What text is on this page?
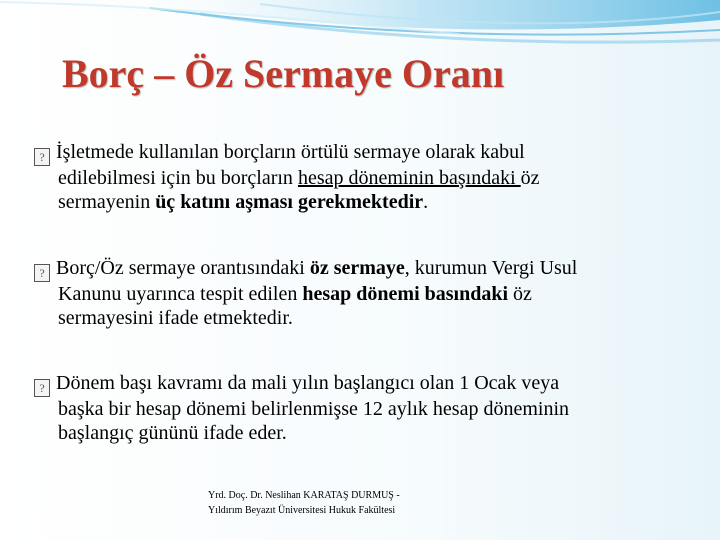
Borç – Öz Sermaye Oranı
? İşletmede kullanılan borçların örtülü sermaye olarak kabul
edilebilmesi için bu borçların hesap döneminin başındaki öz
sermayenin üç katını aşması gerekmektedir.
? Borç/Öz sermaye orantısındaki öz sermaye, kurumun Vergi Usul
Kanunu uyarınca tespit edilen hesap dönemi basındaki öz
sermayesini ifade etmektedir.
? Dönem başı kavramı da mali yılın başlangıcı olan 1 Ocak veya
başka bir hesap dönemi belirlenmişse 12 aylık hesap döneminin
başlangıç gününü ifade eder.
Yrd. Doç. Dr. Neslihan KARATAŞ DURMUŞ -
Yıldırım Beyazıt Üniversitesi Hukuk Fakültesi
